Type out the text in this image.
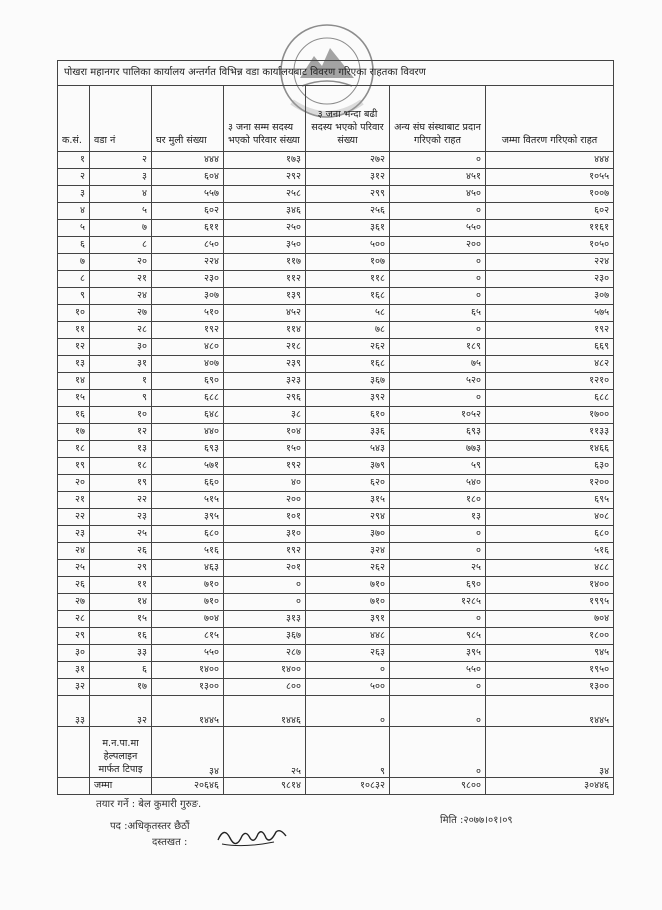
पोखरा महानगर पालिका कार्यालय अन्तर्गत विभिन्न वडा कार्यालयबाट विवरण गरिएका राहतका विवरण						
क.सं.	वडा नं	घर मुली संख्या	३ जना सम्म सदस्य भएको परिवार संख्या	३ जना भन्दा बढी सदस्य भएको परिवार संख्या	अन्य संघ संस्थाबाट प्रदान गरिएको राहत	जम्मा वितरण गरिएको राहत
१	२	४४४	१७३	२७२	०	४४४
२	३	६०४	२९२	३१२	४५१	१०५५
३	४	५५७	२५८	२९९	४५०	१००७
४	५	६०२	३४६	२५६	०	६०२
५	७	६११	२५०	३६१	५५०	११६१
६	८	८५०	३५०	५००	२००	१०५०
७	२०	२२४	११७	१०७	०	२२४
८	२१	२३०	११२	११८	०	२३०
९	२४	३०७	१३९	१६८	०	३०७
१०	२७	५१०	४५२	५८	६५	५७५
११	२८	१९२	११४	७८	०	१९२
१२	३०	४८०	२१८	२६२	१८९	६६९
१३	३१	४०७	२३९	१६८	७५	४८२
१४	१	६९०	३२३	३६७	५२०	१२१०
१५	९	६८८	२९६	३९२	०	६८८
१६	१०	६४८	३८	६१०	१०५२	१७००
१७	१२	४४०	१०४	३३६	६९३	११३३
१८	१३	६९३	१५०	५४३	७७३	१४६६
१९	१८	५७१	१९२	३७९	५९	६३०
२०	१९	६६०	४०	६२०	५४०	१२००
२१	२२	५१५	२००	३१५	१८०	६९५
२२	२३	३९५	१०१	२९४	१३	४०८
२३	२५	६८०	३१०	३७०	०	६८०
२४	२६	५१६	१९२	३२४	०	५१६
२५	२९	४६३	२०१	२६२	२५	४८८
२६	११	७१०	०	७१०	६९०	१४००
२७	१४	७१०	०	७१०	१२८५	१९९५
२८	१५	७०४	३१३	३९१	०	७०४
२९	१६	८१५	३६७	४४८	९८५	१८००
३०	३३	५५०	२८७	२६३	३९५	९४५
३१	६	१४००	१४००	०	५५०	१९५०
३२	१७	१३००	८००	५००	०	१३००
३३	३२	१४४५	१४४६	०	०	१४४५
	म.न.पा.मा हेल्पलाइन मार्फत टिपाइ	३४	२५	९	०	३४
	जम्मा	२०६४६	९८१४	१०८३२	९८००	३०४४६
तयार गर्ने : बेल कुमारी गुरुङ.
पद :अधिकृतस्तर छैठौं
दस्तखत :
मिति :२०७७।०१।०९
